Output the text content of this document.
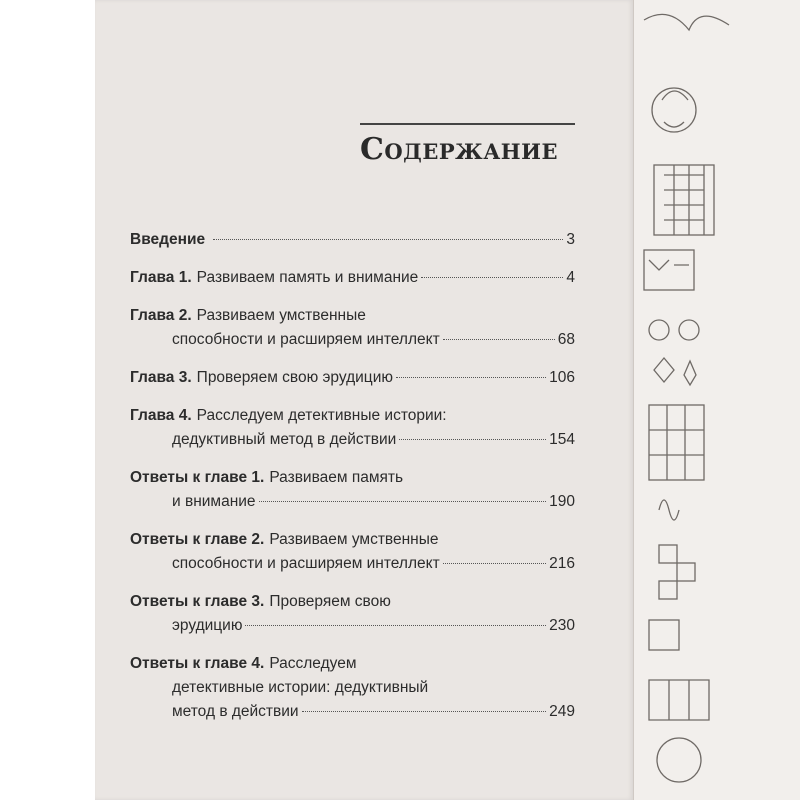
Содержание
Введение	3
Глава 1. Развиваем память и внимание	4
Глава 2. Развиваем умственные
способности и расширяем интеллект	68
Глава 3. Проверяем свою эрудицию	106
Глава 4. Расследуем детективные истории:
дедуктивный метод в действии	154
Ответы к главе 1. Развиваем память
и внимание	190
Ответы к главе 2. Развиваем умственные
способности и расширяем интеллект	216
Ответы к главе 3. Проверяем свою
эрудицию	230
Ответы к главе 4. Расследуем
детективные истории: дедуктивный
метод в действии	249
